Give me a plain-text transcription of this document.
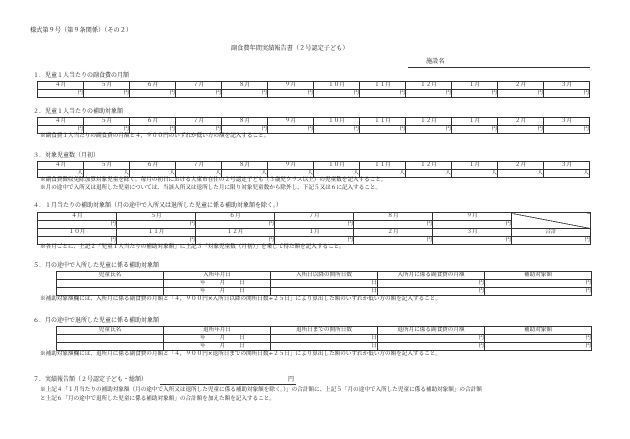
様式第９号（第９条関係）（その２）
副食費年間実績報告書（２号認定子ども）
施設名
１．児童１人当たりの副食費の月額
４月	５月	６月	７月	８月	９月	１０月	１１月	１２月	１月	２月	３月
円	円	円	円	円	円	円	円	円	円	円	円
２．児童１人当たりの補助対象額
４月	５月	６月	７月	８月	９月	１０月	１１月	１２月	１月	２月	３月
円	円	円	円	円	円	円	円	円	円	円	円
※副食費１人当たりの副食費の月額と４，９００円のいずれか低い方の額を記入すること。
３．対象児童数（月初）
４月	５月	６月	７月	８月	９月	１０月	１１月	１２月	１月	２月	３月
人	人	人	人	人	人	人	人	人	人	人	人
※副食費徴収免除加算対象児童を除く。毎月の初日における大東市在住の２号認定子ども（３歳児クラス以上）の児童数を記入すること。
※月の途中で入所又は退所した児童については、当該入所又は退所した月に限り対象児童数から除外し、下記５又は６に記入すること。
４．１月当たりの補助対象額（月の途中で入所又は退所した児童に係る補助対象額を除く。）
４月	５月	６月	７月	８月	９月	
円	円	円	円	円	円	
１０月	１１月	１２月	１月	２月	３月	合計
円	円	円	円	円	円	円
※各月ごとに、上記２「児童１人当たりの補助対象額」に上記３「対象児童数（月初）」を乗じて得た額を記入すること。
５．月の途中で入所した児童に係る補助対象額
児童氏名	入所年月日	入所日以降の開所日数	入所月に係る副食費の月額	補助対象額
	年 月 日	日	円	円
	年 月 日	日	円	円
※補助対象額欄には、入所月に係る副食費の月額と「４，９００円×入所日以降の開所日数÷２５日」により算出した額のいずれか低い方の額を記入すること。
６．月の途中で退所した児童に係る補助対象額
児童氏名	退所年月日	退所日までの開所日数	退所月に係る副食費の月額	補助対象額
	年 月 日	日	円	円
	年 月 日	日	円	円
※補助対象額欄には、退所月に係る副食費の月額と「４，９００円×退所日までの開所日数÷２５日」により算出した額のいずれか低い方の額を記入すること。
７．実績報告額（２号認定子ども・総額）	円
※上記４「１月当たりの補助対象額（月の途中で入所又は退所した児童に係る補助対象額を除く。）」の合計額に、上記５「月の途中で入所した児童に係る補助対象額」の合計額
と上記６「月の途中で退所した児童に係る補助対象額」の合計額を加えた額を記入すること。
